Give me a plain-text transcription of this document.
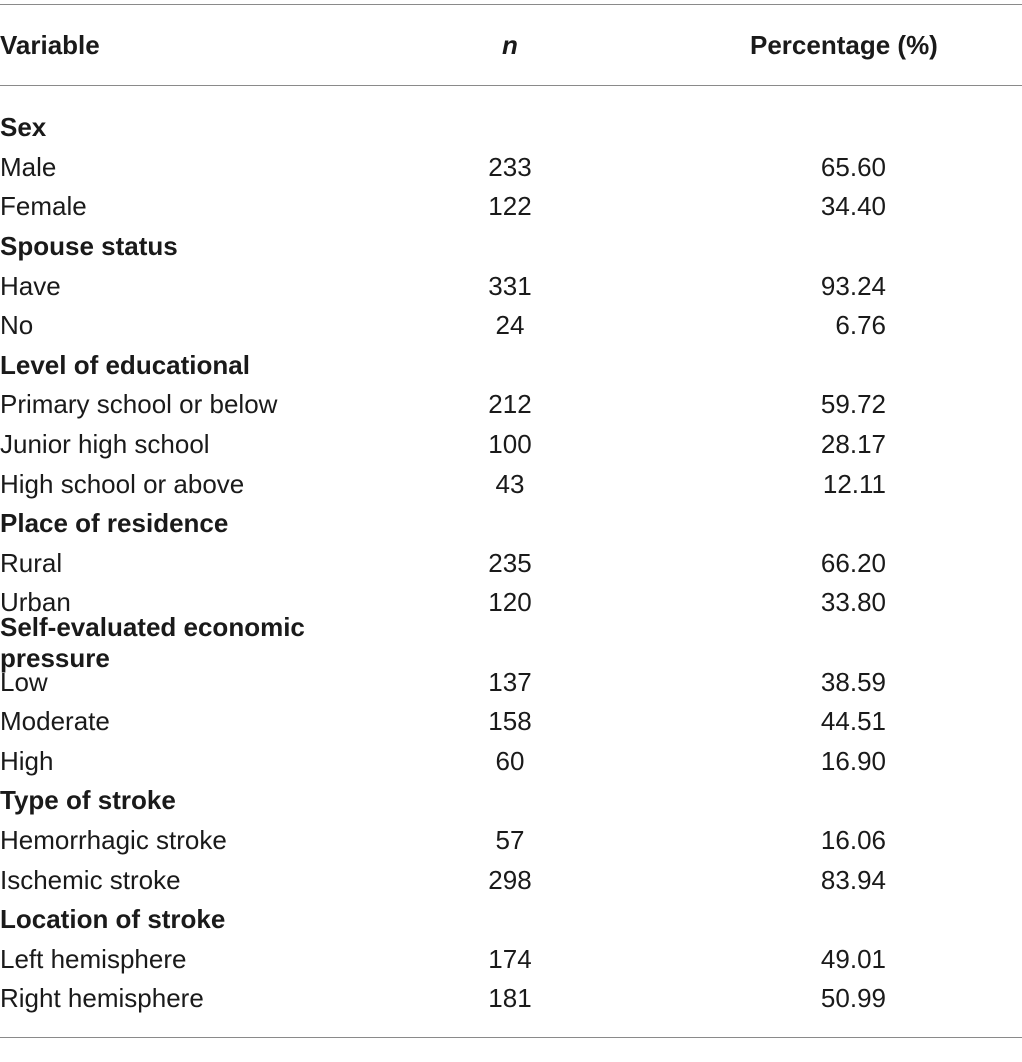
Variable	n	Percentage (%)
Sex
Male	233	65.60
Female	122	34.40
Spouse status
Have	331	93.24
No	24	6.76
Level of educational
Primary school or below	212	59.72
Junior high school	100	28.17
High school or above	43	12.11
Place of residence
Rural	235	66.20
Urban	120	33.80
Self-evaluated economic pressure
Low	137	38.59
Moderate	158	44.51
High	60	16.90
Type of stroke
Hemorrhagic stroke	57	16.06
Ischemic stroke	298	83.94
Location of stroke
Left hemisphere	174	49.01
Right hemisphere	181	50.99
